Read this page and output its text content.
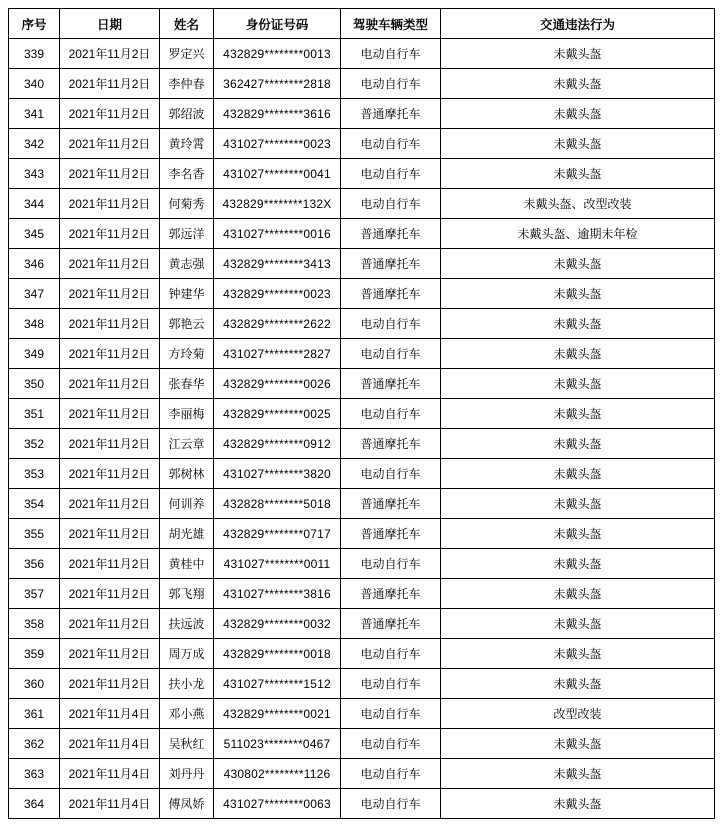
序号	日期	姓名	身份证号码	驾驶车辆类型	交通违法行为
339	2021年11月2日	罗定兴	432829********0013	电动自行车	未戴头盔
340	2021年11月2日	李仲春	362427********2818	电动自行车	未戴头盔
341	2021年11月2日	郭绍波	432829********3616	普通摩托车	未戴头盔
342	2021年11月2日	黄玲霄	431027********0023	电动自行车	未戴头盔
343	2021年11月2日	李名香	431027********0041	电动自行车	未戴头盔
344	2021年11月2日	何菊秀	432829********132X	电动自行车	未戴头盔、改型改装
345	2021年11月2日	郭远洋	431027********0016	普通摩托车	未戴头盔、逾期未年检
346	2021年11月2日	黄志强	432829********3413	普通摩托车	未戴头盔
347	2021年11月2日	钟建华	432829********0023	普通摩托车	未戴头盔
348	2021年11月2日	郭艳云	432829********2622	电动自行车	未戴头盔
349	2021年11月2日	方玲菊	431027********2827	电动自行车	未戴头盔
350	2021年11月2日	张春华	432829********0026	普通摩托车	未戴头盔
351	2021年11月2日	李丽梅	432829********0025	电动自行车	未戴头盔
352	2021年11月2日	江云章	432829********0912	普通摩托车	未戴头盔
353	2021年11月2日	郭树林	431027********3820	电动自行车	未戴头盔
354	2021年11月2日	何训养	432828********5018	普通摩托车	未戴头盔
355	2021年11月2日	胡光雄	432829********0717	普通摩托车	未戴头盔
356	2021年11月2日	黄桂中	431027********0011	电动自行车	未戴头盔
357	2021年11月2日	郭飞翔	431027********3816	普通摩托车	未戴头盔
358	2021年11月2日	扶远波	432829********0032	普通摩托车	未戴头盔
359	2021年11月2日	周万成	432829********0018	电动自行车	未戴头盔
360	2021年11月2日	扶小龙	431027********1512	电动自行车	未戴头盔
361	2021年11月4日	邓小燕	432829********0021	电动自行车	改型改装
362	2021年11月4日	吴秋红	511023********0467	电动自行车	未戴头盔
363	2021年11月4日	刘丹丹	430802********1126	电动自行车	未戴头盔
364	2021年11月4日	傅凤娇	431027********0063	电动自行车	未戴头盔
